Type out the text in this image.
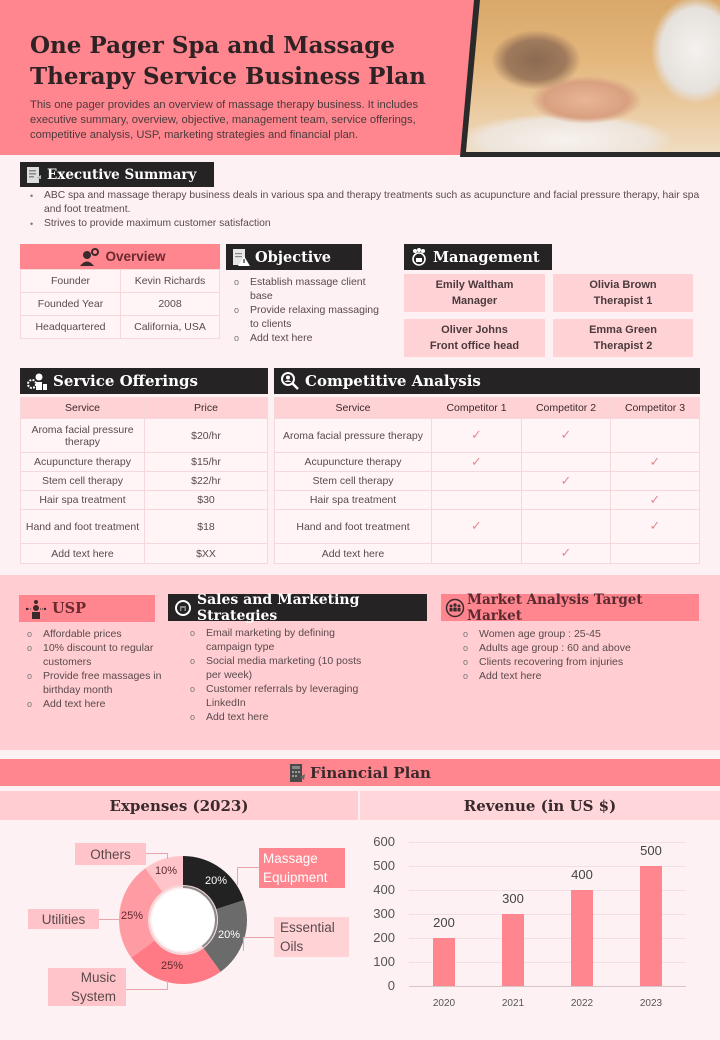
One Pager Spa and Massage Therapy Service Business Plan
This one pager provides an overview of massage therapy business. It includes executive summary, overview, objective, management team, service offerings, competitive analysis, USP, marketing strategies and financial plan.
Executive Summary
• ABC spa and massage therapy business deals in various spa and therapy treatments such as acupuncture and facial pressure therapy, hair spa and foot treatment.
• Strives to provide maximum customer satisfaction
Overview
Founder	Kevin Richards
Founded Year	2008
Headquartered	California, USA
Objective
o Establish massage client base
o Provide relaxing massaging to clients
o Add text here
Management
Emily Waltham
Manager
Olivia Brown
Therapist 1
Oliver Johns
Front office head
Emma Green
Therapist 2
Service Offerings
Service	Price
Aroma facial pressure therapy	$20/hr
Acupuncture therapy	$15/hr
Stem cell therapy	$22/hr
Hair spa treatment	$30
Hand and foot treatment	$18
Add text here	$XX
Competitive Analysis
Service	Competitor 1	Competitor 2	Competitor 3
Aroma facial pressure therapy	✓	✓	
Acupuncture therapy	✓		✓
Stem cell therapy		✓	
Hair spa treatment			✓
Hand and foot treatment	✓		✓
Add text here		✓	
USP
o Affordable prices
o 10% discount to regular customers
o Provide free massages in birthday month
o Add text here
Sales and Marketing Strategies
o Email marketing by defining campaign type
o Social media marketing (10 posts per week)
o Customer referrals by leveraging LinkedIn
o Add text here
Market Analysis Target Market
o Women age group : 25-45
o Adults age group : 60 and above
o Clients recovering from injuries
o Add text here
Financial Plan
Expenses (2023)	Revenue (in US $)
20%
20%
25%
25%
10%
Massage Equipment
Essential Oils
Music System
Utilities
Others
600
500
400
300
200
100
0
200
300
400
500
2020	2021	2022	2023
